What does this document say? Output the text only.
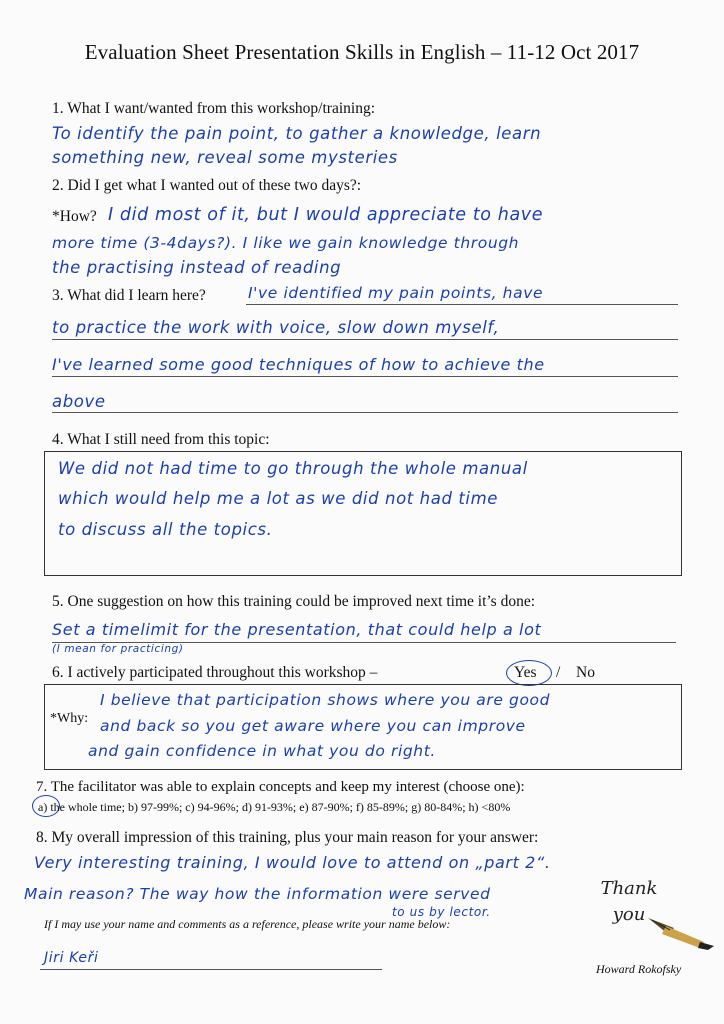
Evaluation Sheet Presentation Skills in English – 11-12 Oct 2017
1. What I want/wanted from this workshop/training:
To identify the pain point, to gather a knowledge, learn
something new, reveal some mysteries
2. Did I get what I wanted out of these two days?:
*How? I did most of it, but I would appreciate to have
more time (3-4days?). I like we gain knowledge through
the practising instead of reading
3. What did I learn here?	I've identified my pain points, have
to practice the work with voice, slow down myself,
I've learned some good techniques of how to achieve the
above
4. What I still need from this topic:
We did not had time to go through the whole manual
which would help me a lot as we did not had time
to discuss all the topics.
5. One suggestion on how this training could be improved next time it’s done:
Set a timelimit for the presentation, that could help a lot
(I mean for practicing)
6. I actively participated throughout this workshop –	Yes / No
*Why:
I believe that participation shows where you are good
and back so you get aware where you can improve
and gain confidence in what you do right.
7. The facilitator was able to explain concepts and keep my interest (choose one):
a) the whole time; b) 97-99%; c) 94-96%; d) 91-93%; e) 87-90%; f) 85-89%; g) 80-84%; h) <80%
8. My overall impression of this training, plus your main reason for your answer:
Very interesting training, I would love to attend on „part 2“.
Main reason? The way how the information were served
to us by lector.
If I may use your name and comments as a reference, please write your name below:
Jiri Keři
Thank you
Howard Rokofsky
